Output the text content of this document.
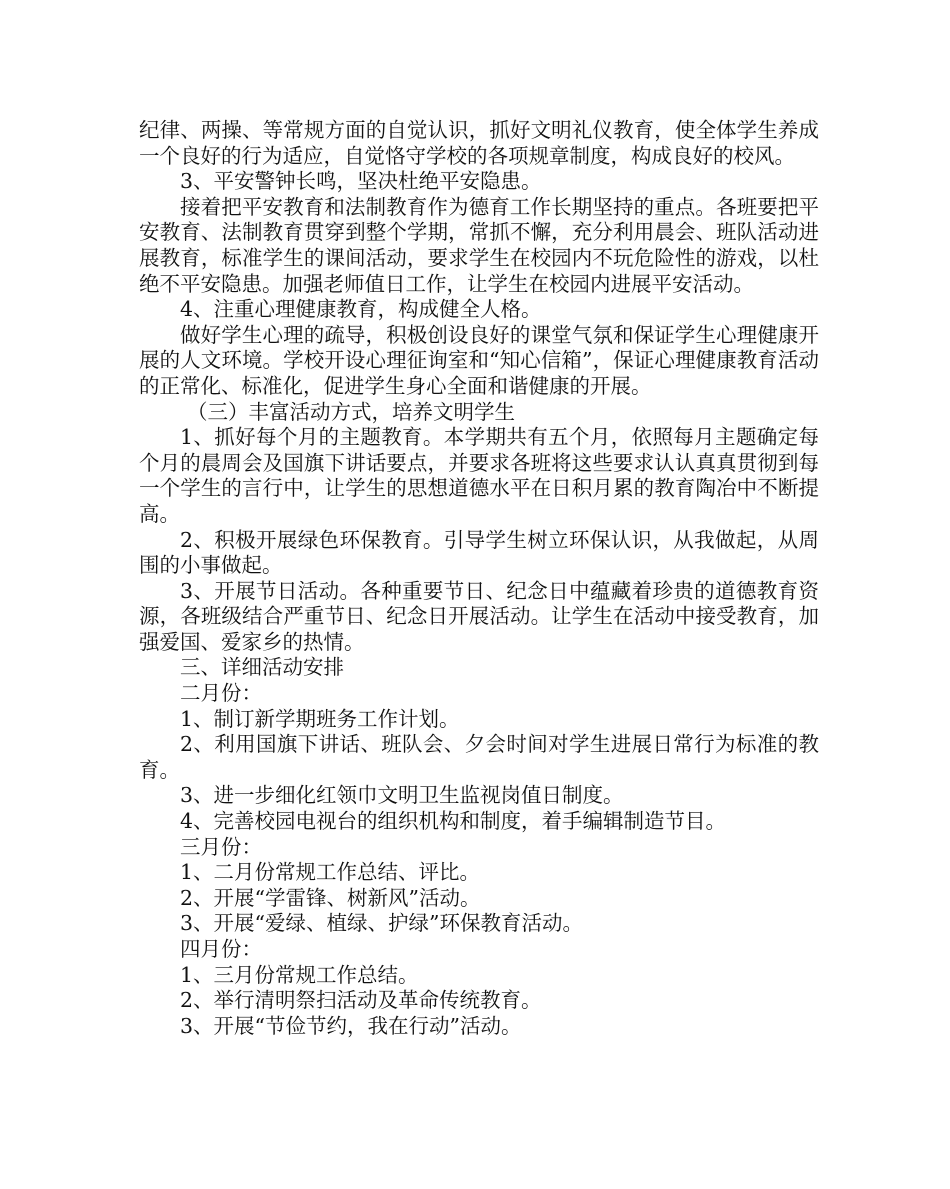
纪律、两操、等常规方面的自觉认识，抓好文明礼仪教育，使全体学生养成一个良好的行为适应，自觉恪守学校的各项规章制度，构成良好的校风。

3、平安警钟长鸣，坚决杜绝平安隐患。

接着把平安教育和法制教育作为德育工作长期坚持的重点。各班要把平安教育、法制教育贯穿到整个学期，常抓不懈，充分利用晨会、班队活动进展教育，标准学生的课间活动，要求学生在校园内不玩危险性的游戏，以杜绝不平安隐患。加强老师值日工作，让学生在校园内进展平安活动。

4、注重心理健康教育，构成健全人格。

做好学生心理的疏导，积极创设良好的课堂气氛和保证学生心理健康开展的人文环境。学校开设心理征询室和“知心信箱”，保证心理健康教育活动的正常化、标准化，促进学生身心全面和谐健康的开展。

（三）丰富活动方式，培养文明学生

1、抓好每个月的主题教育。本学期共有五个月，依照每月主题确定每个月的晨周会及国旗下讲话要点，并要求各班将这些要求认认真真贯彻到每一个学生的言行中，让学生的思想道德水平在日积月累的教育陶冶中不断提高。

2、积极开展绿色环保教育。引导学生树立环保认识，从我做起，从周围的小事做起。

3、开展节日活动。各种重要节日、纪念日中蕴藏着珍贵的道德教育资源，各班级结合严重节日、纪念日开展活动。让学生在活动中接受教育，加强爱国、爱家乡的热情。

三、详细活动安排

二月份：

1、制订新学期班务工作计划。

2、利用国旗下讲话、班队会、夕会时间对学生进展日常行为标准的教育。

3、进一步细化红领巾文明卫生监视岗值日制度。

4、完善校园电视台的组织机构和制度，着手编辑制造节目。

三月份：

1、二月份常规工作总结、评比。

2、开展“学雷锋、树新风”活动。

3、开展“爱绿、植绿、护绿”环保教育活动。

四月份：

1、三月份常规工作总结。

2、举行清明祭扫活动及革命传统教育。

3、开展“节俭节约，我在行动”活动。
